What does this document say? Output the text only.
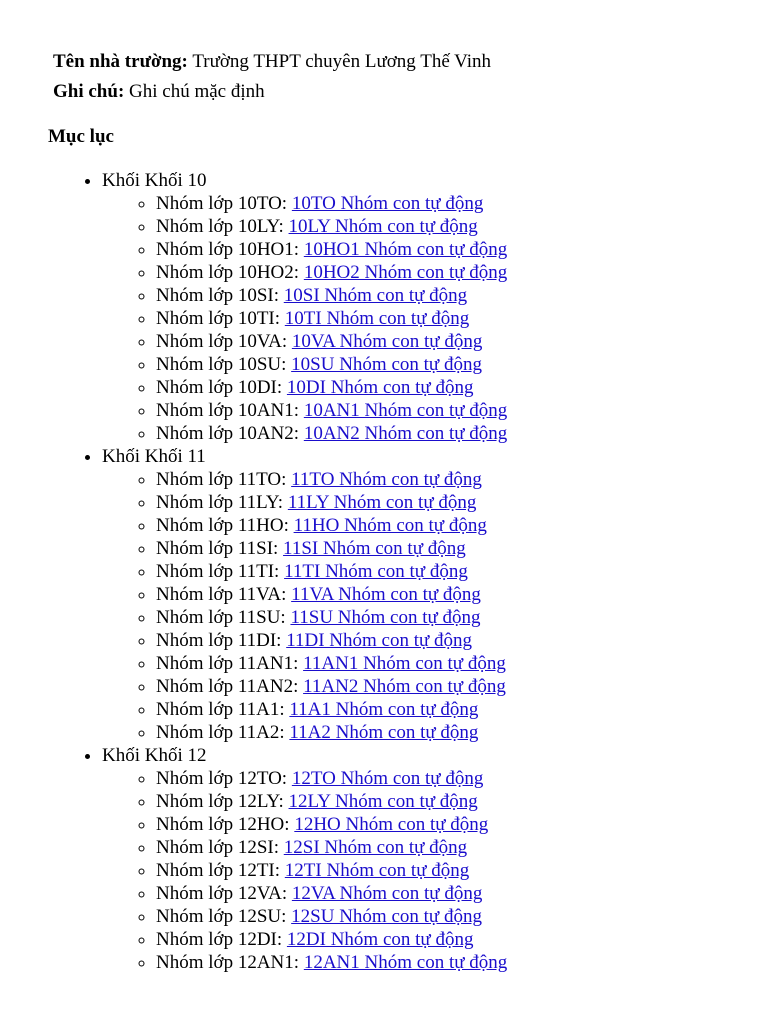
Tên nhà trường: Trường THPT chuyên Lương Thế Vinh
Ghi chú: Ghi chú mặc định
Mục lục
• Khối Khối 10
◦ Nhóm lớp 10TO: 10TO Nhóm con tự động
◦ Nhóm lớp 10LY: 10LY Nhóm con tự động
◦ Nhóm lớp 10HO1: 10HO1 Nhóm con tự động
◦ Nhóm lớp 10HO2: 10HO2 Nhóm con tự động
◦ Nhóm lớp 10SI: 10SI Nhóm con tự động
◦ Nhóm lớp 10TI: 10TI Nhóm con tự động
◦ Nhóm lớp 10VA: 10VA Nhóm con tự động
◦ Nhóm lớp 10SU: 10SU Nhóm con tự động
◦ Nhóm lớp 10DI: 10DI Nhóm con tự động
◦ Nhóm lớp 10AN1: 10AN1 Nhóm con tự động
◦ Nhóm lớp 10AN2: 10AN2 Nhóm con tự động
• Khối Khối 11
◦ Nhóm lớp 11TO: 11TO Nhóm con tự động
◦ Nhóm lớp 11LY: 11LY Nhóm con tự động
◦ Nhóm lớp 11HO: 11HO Nhóm con tự động
◦ Nhóm lớp 11SI: 11SI Nhóm con tự động
◦ Nhóm lớp 11TI: 11TI Nhóm con tự động
◦ Nhóm lớp 11VA: 11VA Nhóm con tự động
◦ Nhóm lớp 11SU: 11SU Nhóm con tự động
◦ Nhóm lớp 11DI: 11DI Nhóm con tự động
◦ Nhóm lớp 11AN1: 11AN1 Nhóm con tự động
◦ Nhóm lớp 11AN2: 11AN2 Nhóm con tự động
◦ Nhóm lớp 11A1: 11A1 Nhóm con tự động
◦ Nhóm lớp 11A2: 11A2 Nhóm con tự động
• Khối Khối 12
◦ Nhóm lớp 12TO: 12TO Nhóm con tự động
◦ Nhóm lớp 12LY: 12LY Nhóm con tự động
◦ Nhóm lớp 12HO: 12HO Nhóm con tự động
◦ Nhóm lớp 12SI: 12SI Nhóm con tự động
◦ Nhóm lớp 12TI: 12TI Nhóm con tự động
◦ Nhóm lớp 12VA: 12VA Nhóm con tự động
◦ Nhóm lớp 12SU: 12SU Nhóm con tự động
◦ Nhóm lớp 12DI: 12DI Nhóm con tự động
◦ Nhóm lớp 12AN1: 12AN1 Nhóm con tự động
